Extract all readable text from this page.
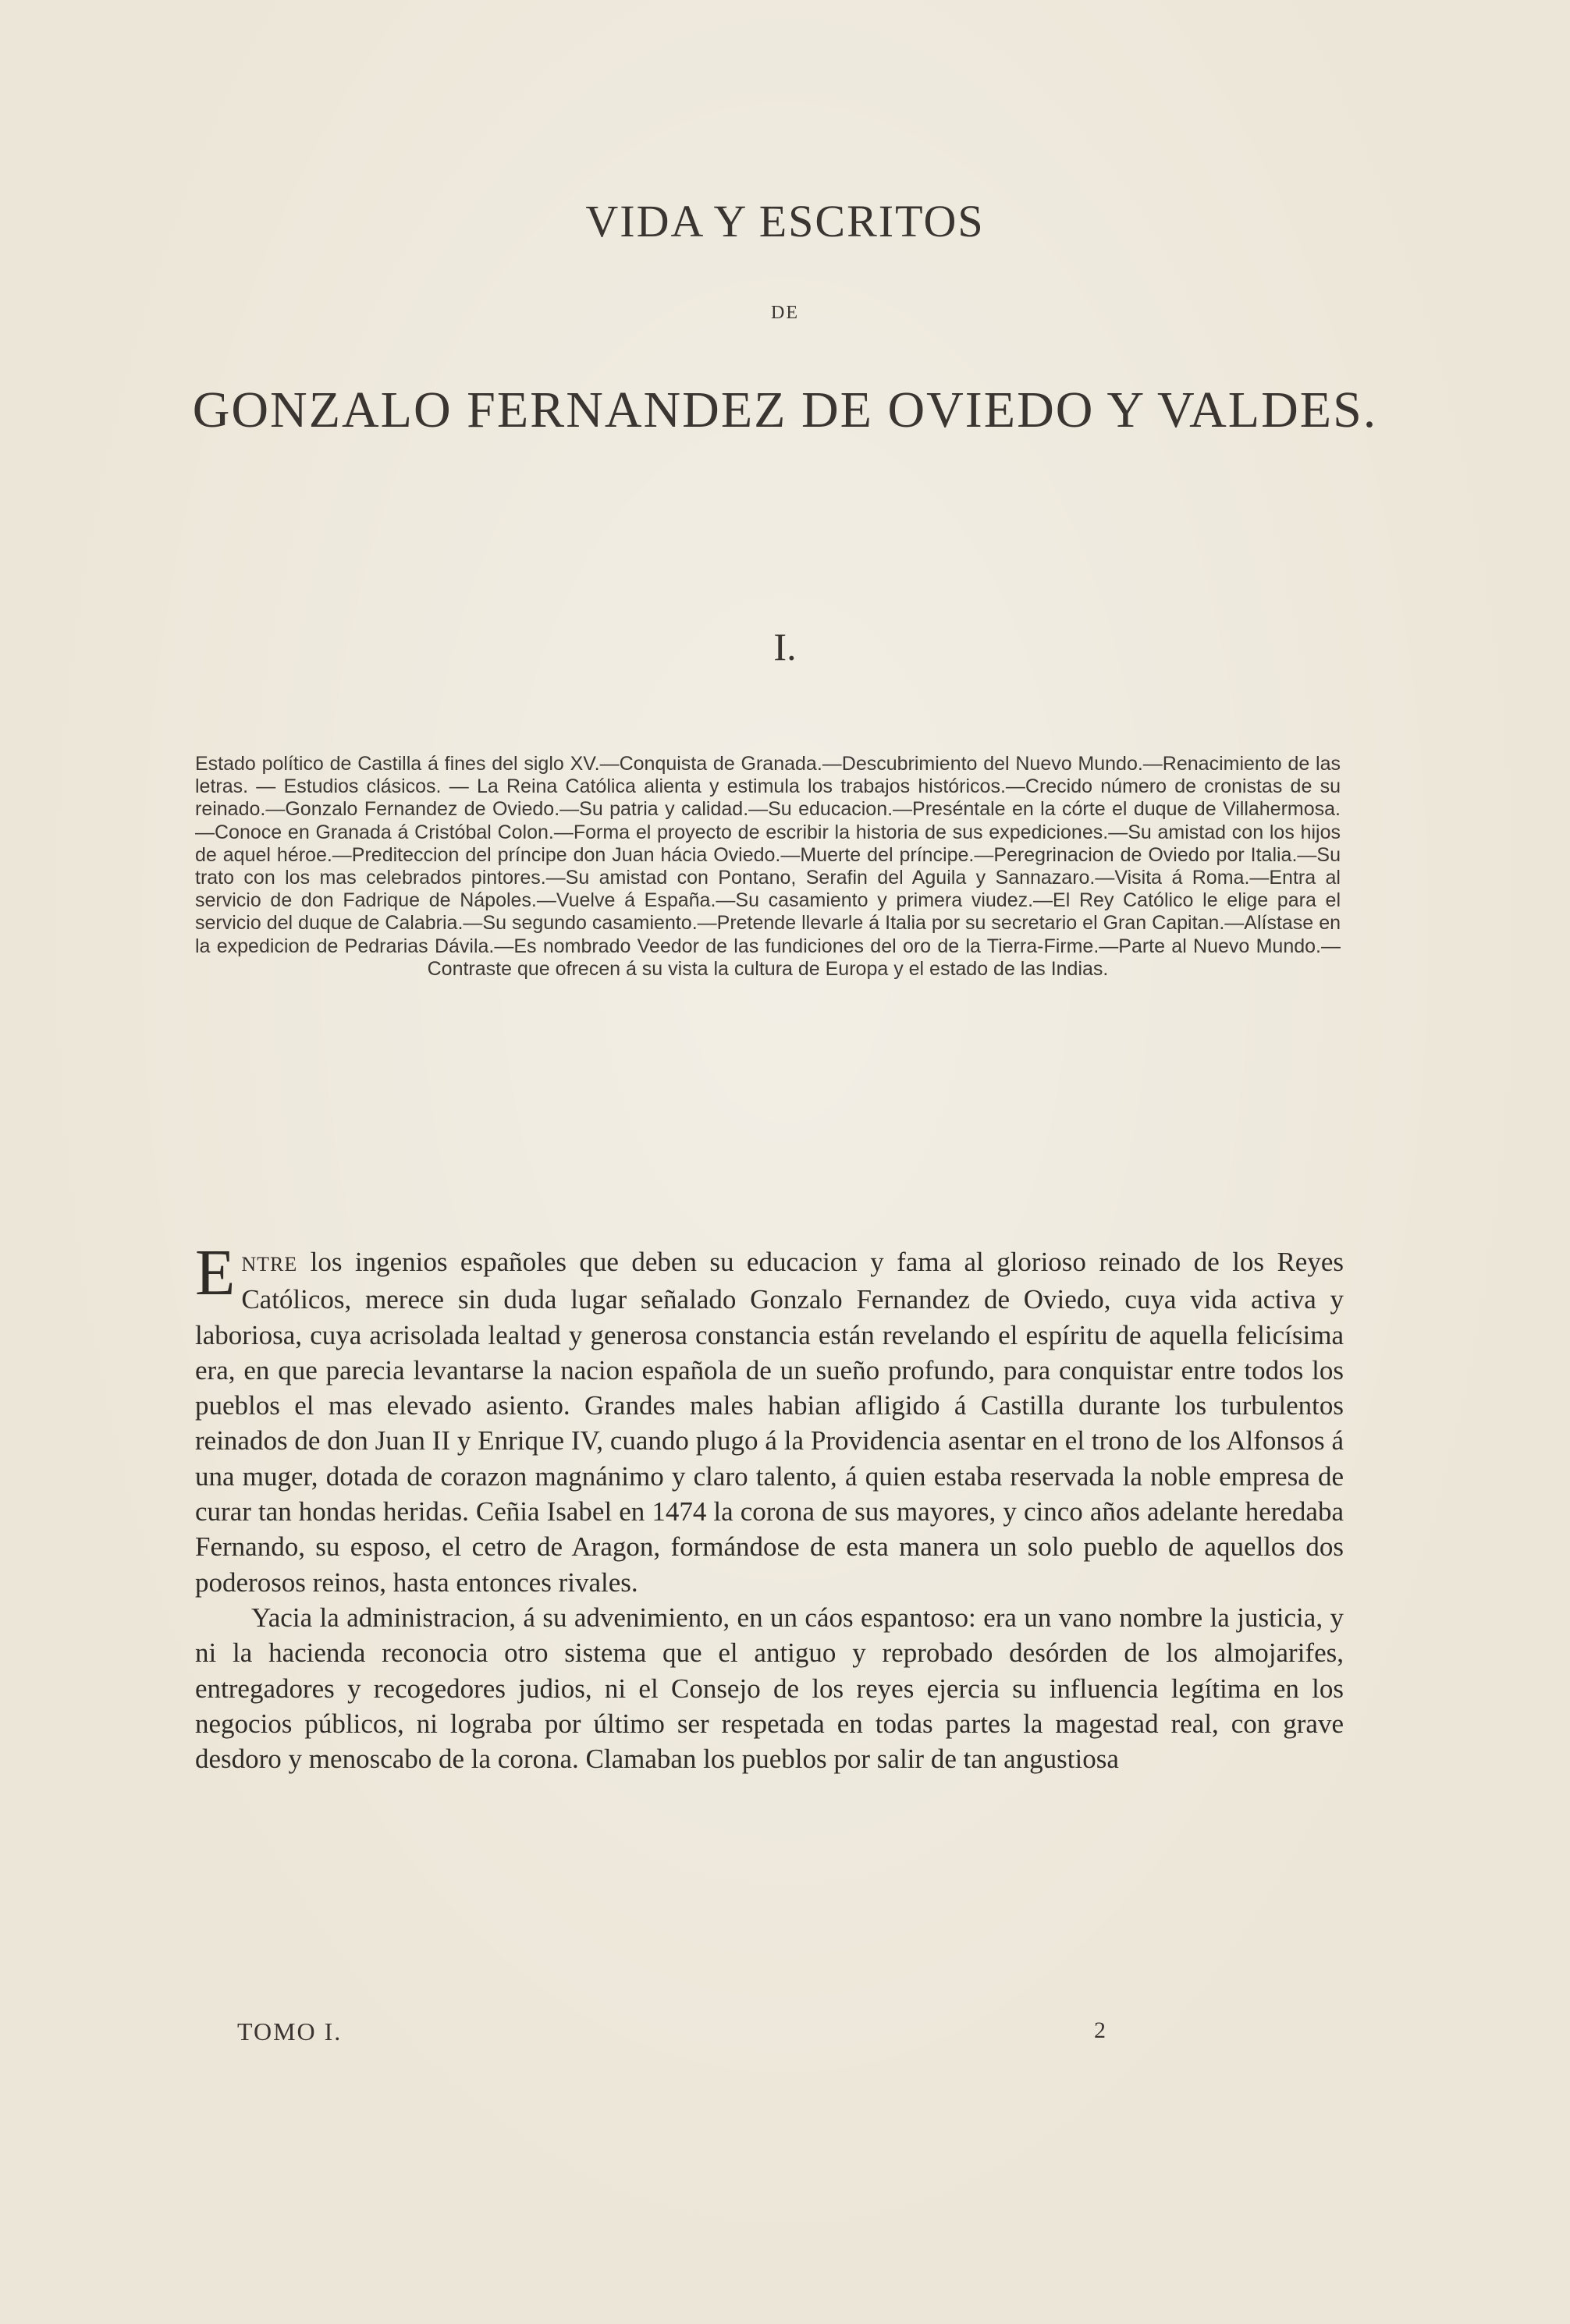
VIDA Y ESCRITOS
DE
GONZALO FERNANDEZ DE OVIEDO Y VALDES.
I.
Estado político de Castilla á fines del siglo XV.—Conquista de Granada.—Descubrimiento del Nuevo Mundo.—Renacimiento de las letras. — Estudios clásicos. — La Reina Católica alienta y estimula los trabajos históricos.—Crecido número de cronistas de su reinado.—Gonzalo Fernandez de Oviedo.—Su patria y calidad.—Su educacion.—Preséntale en la córte el duque de Villahermosa.—Conoce en Granada á Cristóbal Colon.—Forma el proyecto de escribir la historia de sus expediciones.—Su amistad con los hijos de aquel héroe.—Prediteccion del príncipe don Juan hácia Oviedo.—Muerte del príncipe.—Peregrinacion de Oviedo por Italia.—Su trato con los mas celebrados pintores.—Su amistad con Pontano, Serafin del Aguila y Sannazaro.—Visita á Roma.—Entra al servicio de don Fadrique de Nápoles.—Vuelve á España.—Su casamiento y primera viudez.—El Rey Católico le elige para el servicio del duque de Calabria.—Su segundo casamiento.—Pretende llevarle á Italia por su secretario el Gran Capitan.—Alístase en la expedicion de Pedrarias Dávila.—Es nombrado Veedor de las fundiciones del oro de la Tierra-Firme.—Parte al Nuevo Mundo.—Contraste que ofrecen á su vista la cultura de Europa y el estado de las Indias.

ENTRE los ingenios españoles que deben su educacion y fama al glorioso reinado de los Reyes Católicos, merece sin duda lugar señalado Gonzalo Fernandez de Oviedo, cuya vida activa y laboriosa, cuya acrisolada lealtad y generosa constancia están revelando el espíritu de aquella felicísima era, en que parecia levantarse la nacion española de un sueño profundo, para conquistar entre todos los pueblos el mas elevado asiento. Grandes males habian afligido á Castilla durante los turbulentos reinados de don Juan II y Enrique IV, cuando plugo á la Providencia asentar en el trono de los Alfonsos á una muger, dotada de corazon magnánimo y claro talento, á quien estaba reservada la noble empresa de curar tan hondas heridas. Ceñia Isabel en 1474 la corona de sus mayores, y cinco años adelante heredaba Fernando, su esposo, el cetro de Aragon, formándose de esta manera un solo pueblo de aquellos dos poderosos reinos, hasta entonces rivales.

Yacia la administracion, á su advenimiento, en un cáos espantoso: era un vano nombre la justicia, y ni la hacienda reconocia otro sistema que el antiguo y reprobado desórden de los almojarifes, entregadores y recogedores judios, ni el Consejo de los reyes ejercia su influencia legítima en los negocios públicos, ni lograba por último ser respetada en todas partes la magestad real, con grave desdoro y menoscabo de la corona. Clamaban los pueblos por salir de tan angustiosa

TOMO I.	2
